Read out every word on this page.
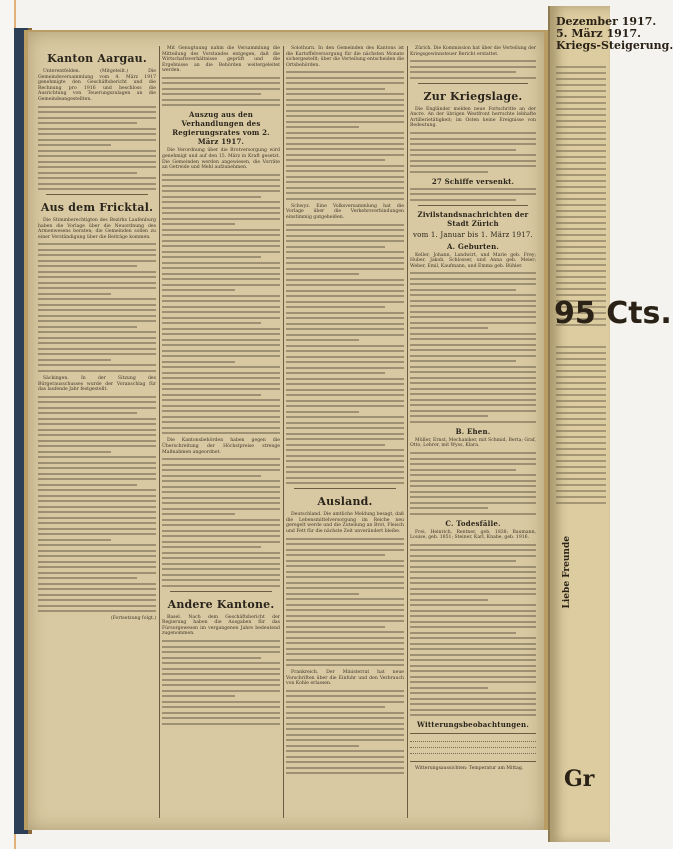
Kanton Aargau.
Unterentfelden. (Mitgeteilt.) Die Gemeindeversammlung vom 4. März 1917 genehmigte den Geschäftsbericht und die Rechnung pro 1916 und beschloss die Ausrichtung von Teuerungszulagen an die Gemeindeangestellten.
Aus dem Fricktal.
Die Stimmberechtigten des Bezirks Laufenburg haben die Vorlage über die Neuordnung des Armenwesens beraten; die Gemeinden sollen zu einer Verständigung über die Beiträge kommen.
Säckingen. In der Sitzung des Bürgerausschusses wurde der Voranschlag für das laufende Jahr festgestellt.
(Fortsetzung folgt.)
Mit Genugtuung nahm die Versammlung die Mitteilung des Vorstandes entgegen, daß die Wirtschaftsverhältnisse geprüft und die Ergebnisse an die Behörden weitergeleitet werden.
Auszug aus den Verhandlungen des Regierungsrates vom 2. März 1917.
Die Verordnung über die Brotversorgung wird genehmigt und auf den 15. März in Kraft gesetzt. Die Gemeinden werden angewiesen, die Vorräte an Getreide und Mehl aufzunehmen.
Die Kantonsbehörden haben gegen die Überschreitung der Höchstpreise strenge Maßnahmen angeordnet.
Andere Kantone.
Basel. Nach dem Geschäftsbericht der Regierung haben die Ausgaben für das Fürsorgewesen im vergangenen Jahre bedeutend zugenommen.
Solothurn. In den Gemeinden des Kantons ist die Kartoffelversorgung für die nächsten Monate sichergestellt; über die Verteilung entscheiden die Ortsbehörden.
Schwyz. Eine Volksversammlung hat die Vorlage über die Verkehrsverbindungen einstimmig gutgeheißen.
Ausland.
Deutschland. Die amtliche Meldung besagt, daß die Lebensmittelversorgung im Reiche neu geregelt werde und die Zuteilung an Brot, Fleisch und Fett für die nächste Zeit unverändert bleibe.
Frankreich. Der Ministerrat hat neue Vorschriften über die Einfuhr und den Verbrauch von Kohle erlassen.
Zürich. Die Kommission hat über die Verteilung der Kriegsgewinnsteuer Bericht erstattet.
Zur Kriegslage.
Die Engländer melden neue Fortschritte an der Ancre. An der übrigen Westfront herrschte lebhafte Artillerietätigkeit; im Osten keine Ereignisse von Bedeutung.
27 Schiffe versenkt.
Zivilstandsnachrichten der Stadt Zürich
vom 1. Januar bis 1. März 1917.
A. Geburten.
Keller, Johann, Landwirt, und Marie geb. Frey; Huber, Jakob, Schlosser, und Anna geb. Meier; Weber, Emil, Kaufmann, und Emma geb. Bühler.
B. Ehen.
Müller, Ernst, Mechaniker, mit Schmid, Berta; Graf, Otto, Lehrer, mit Wyss, Klara.
C. Todesfälle.
Frei, Heinrich, Rentner, geb. 1838; Baumann, Louise, geb. 1851; Steiner, Karl, Knabe, geb. 1916.
Witterungsbeobachtungen.
Witterungsaussichten: Temperatur am Mittag.
Dezember 1917.
5. März 1917.
Kriegs-Steigerung.
95 Cts.
Liebe Freunde
Gr
